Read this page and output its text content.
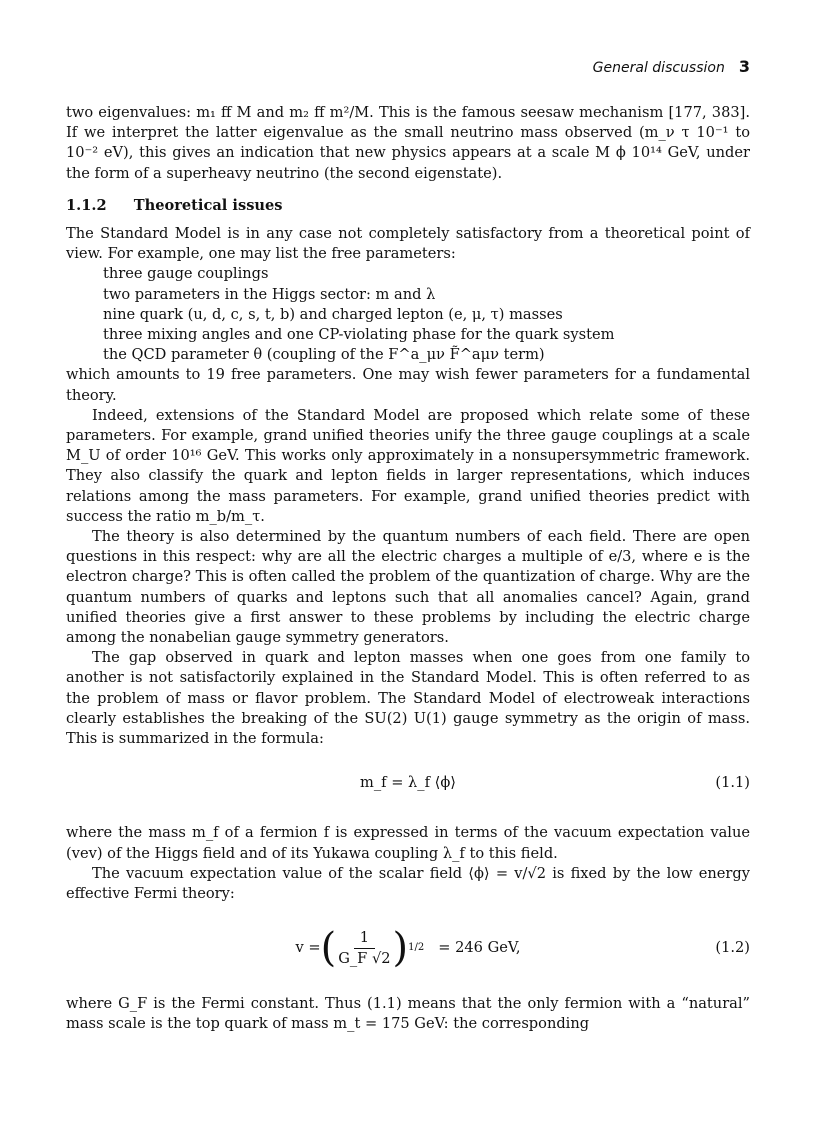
General discussion 3

two eigenvalues: m₁ ff M and m₂ ff m²/M. This is the famous seesaw mechanism [177, 383]. If we interpret the latter eigenvalue as the small neutrino mass observed (m_ν τ 10⁻¹ to 10⁻² eV), this gives an indication that new physics appears at a scale M ϕ 10¹⁴ GeV, under the form of a superheavy neutrino (the second eigenstate).

1.1.2 Theoretical issues

The Standard Model is in any case not completely satisfactory from a theoretical point of view. For example, one may list the free parameters:

three gauge couplings
two parameters in the Higgs sector: m and λ
nine quark (u, d, c, s, t, b) and charged lepton (e, μ, τ) masses
three mixing angles and one CP-violating phase for the quark system
the QCD parameter θ (coupling of the F^a_μν F̃^aμν term)

which amounts to 19 free parameters. One may wish fewer parameters for a fundamental theory.

Indeed, extensions of the Standard Model are proposed which relate some of these parameters. For example, grand unified theories unify the three gauge couplings at a scale M_U of order 10¹⁶ GeV. This works only approximately in a nonsupersymmetric framework. They also classify the quark and lepton fields in larger representations, which induces relations among the mass parameters. For example, grand unified theories predict with success the ratio m_b/m_τ.

The theory is also determined by the quantum numbers of each field. There are open questions in this respect: why are all the electric charges a multiple of e/3, where e is the electron charge? This is often called the problem of the quantization of charge. Why are the quantum numbers of quarks and leptons such that all anomalies cancel? Again, grand unified theories give a first answer to these problems by including the electric charge among the nonabelian gauge symmetry generators.

The gap observed in quark and lepton masses when one goes from one family to another is not satisfactorily explained in the Standard Model. This is often referred to as the problem of mass or flavor problem. The Standard Model of electroweak interactions clearly establishes the breaking of the SU(2) U(1) gauge symmetry as the origin of mass. This is summarized in the formula:

m_f = λ_f ⟨ϕ⟩	(1.1)

where the mass m_f of a fermion f is expressed in terms of the vacuum expectation value (vev) of the Higgs field and of its Yukawa coupling λ_f to this field.

The vacuum expectation value of the scalar field ⟨ϕ⟩ = v/√2 is fixed by the low energy effective Fermi theory:

v = ( $\frac{1}{G\_F √2}$ ) 1/2 = 246 GeV,	(1.2)

where G_F is the Fermi constant. Thus (1.1) means that the only fermion with a “natural” mass scale is the top quark of mass m_t = 175 GeV: the corresponding
